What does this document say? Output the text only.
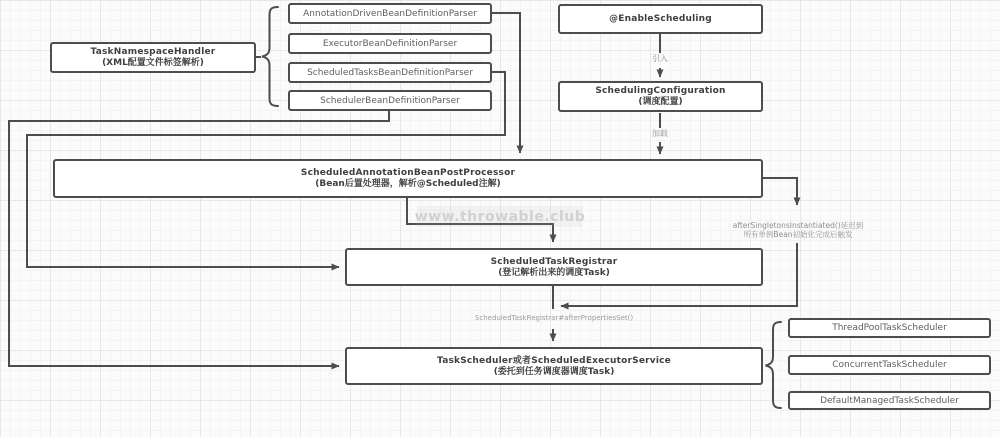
www.throwable.club
TaskNamespaceHandler
(XML配置文件标签解析)
AnnotationDrivenBeanDefinitionParser
ExecutorBeanDefinitionParser
ScheduledTasksBeanDefinitionParser
SchedulerBeanDefinitionParser
@EnableScheduling
SchedulingConfiguration
(调度配置)
ScheduledAnnotationBeanPostProcessor
(Bean后置处理器，解析@Scheduled注解)
ScheduledTaskRegistrar
(登记解析出来的调度Task)
TaskScheduler或者ScheduledExecutorService
(委托到任务调度器调度Task)
ThreadPoolTaskScheduler
ConcurrentTaskScheduler
DefaultManagedTaskScheduler
引入
加载
afterSingletonsInstantiated()延迟到
所有单例Bean初始化完成后触发
ScheduledTaskRegistrar#afterPropertiesSet()
